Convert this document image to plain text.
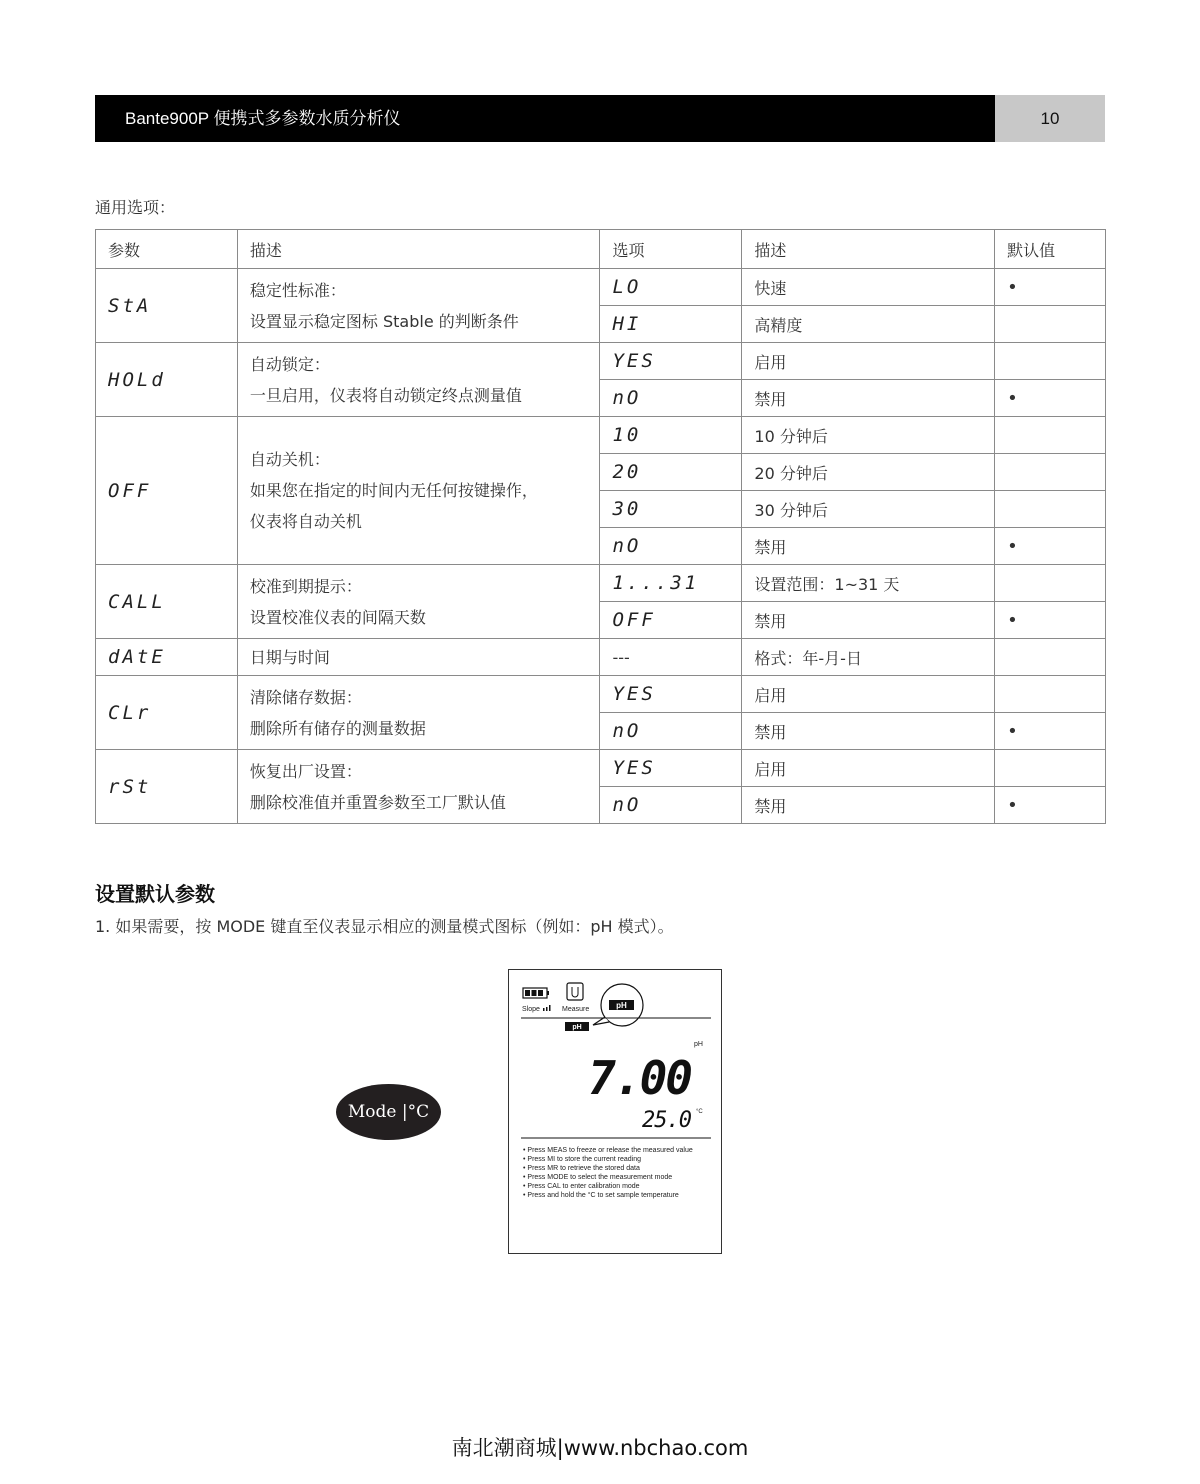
Bante900P 便携式多参数水质分析仪	10
通用选项：
参数	描述	选项	描述	默认值
StA	稳定性标准：
设置显示稳定图标 Stable 的判断条件	LO	快速	•
		HI	高精度	
HOLd	自动锁定：
一旦启用，仪表将自动锁定终点测量值	YES	启用	
		nO	禁用	•
OFF	自动关机：
如果您在指定的时间内无任何按键操作，
仪表将自动关机	10	10 分钟后	
		20	20 分钟后	
		30	30 分钟后	
		nO	禁用	•
CALL	校准到期提示：
设置校准仪表的间隔天数	1...31	设置范围：1~31 天	
		OFF	禁用	•
dAtE	日期与时间	---	格式：年-月-日	
CLr	清除储存数据：
删除所有储存的测量数据	YES	启用	
		nO	禁用	•
rSt	恢复出厂设置：
删除校准值并重置参数至工厂默认值	YES	启用	
		nO	禁用	•
设置默认参数
1. 如果需要，按 MODE 键直至仪表显示相应的测量模式图标（例如：pH 模式）。
Mode |°C
Slope	Measure	pH
pH
pH
7.00
25.0 °C
• Press MEAS to freeze or release the measured value
• Press MI to store the current reading
• Press MR to retrieve the stored data
• Press MODE to select the measurement mode
• Press CAL to enter calibration mode
• Press and hold the °C to set sample temperature
南北潮商城|www.nbchao.com
